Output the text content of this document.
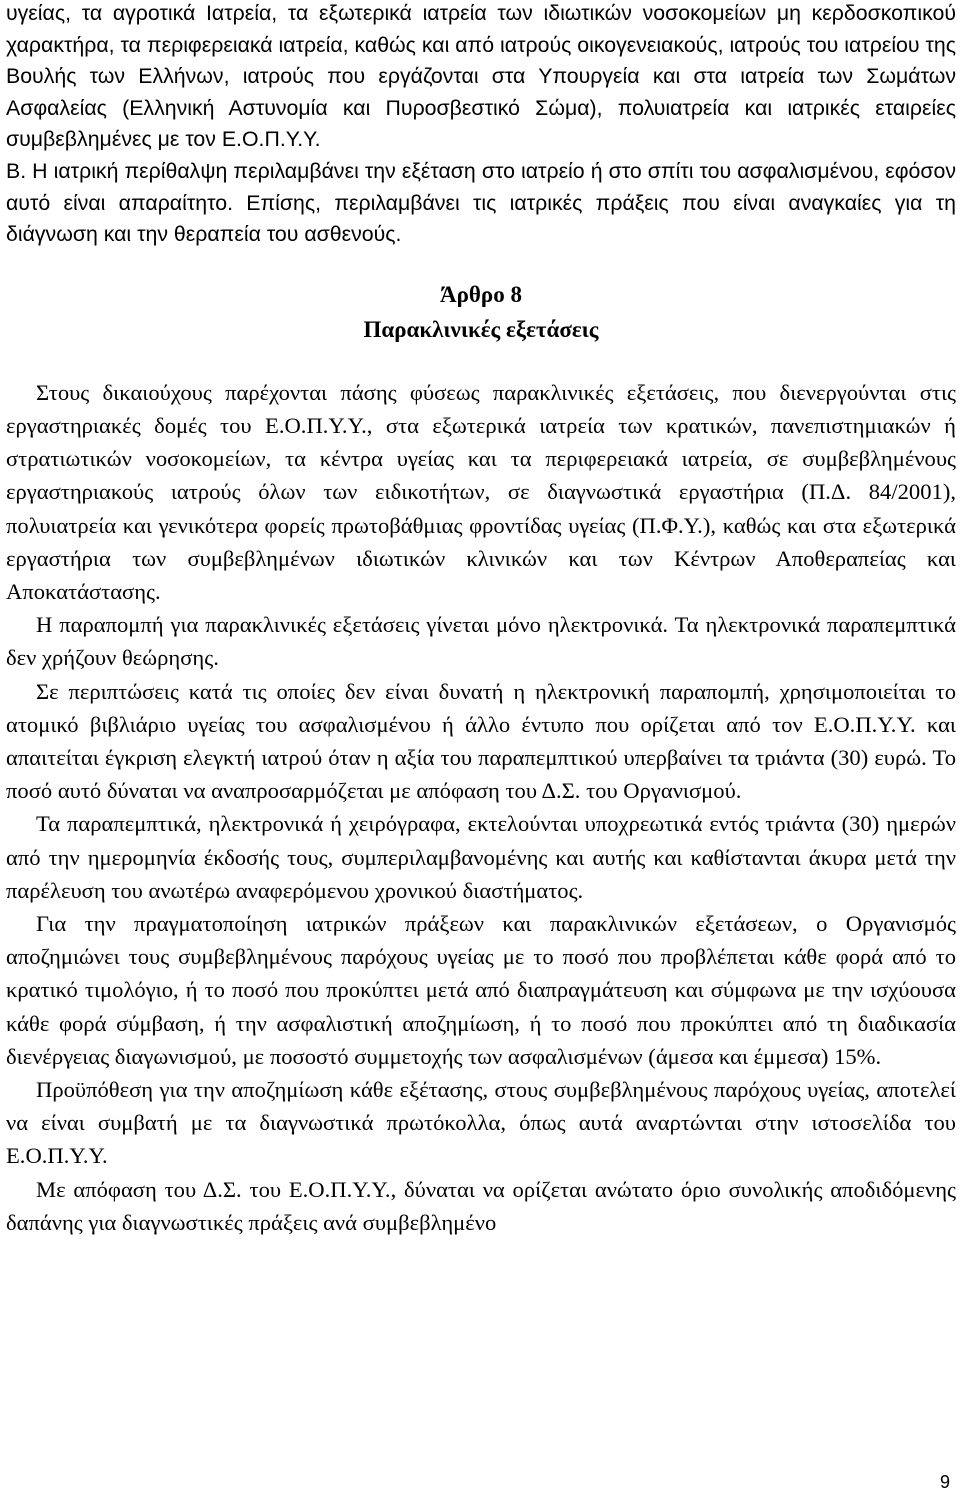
υγείας, τα αγροτικά Ιατρεία, τα εξωτερικά ιατρεία των ιδιωτικών νοσοκομείων μη κερδοσκοπικού χαρακτήρα, τα περιφερειακά ιατρεία, καθώς και από ιατρούς οικογενειακούς, ιατρούς του ιατρείου της Βουλής των Ελλήνων, ιατρούς που εργάζονται στα Υπουργεία και στα ιατρεία των Σωμάτων Ασφαλείας (Ελληνική Αστυνομία και Πυροσβεστικό Σώμα), πολυιατρεία και ιατρικές εταιρείες συμβεβλημένες με τον Ε.Ο.Π.Υ.Υ.

Β. Η ιατρική περίθαλψη περιλαμβάνει την εξέταση στο ιατρείο ή στο σπίτι του ασφαλισμένου, εφόσον αυτό είναι απαραίτητο. Επίσης, περιλαμβάνει τις ιατρικές πράξεις που είναι αναγκαίες για τη διάγνωση και την θεραπεία του ασθενούς.

Άρθρο 8
Παρακλινικές εξετάσεις

Στους δικαιούχους παρέχονται πάσης φύσεως παρακλινικές εξετάσεις, που διενεργούνται στις εργαστηριακές δομές του Ε.Ο.Π.Υ.Υ., στα εξωτερικά ιατρεία των κρατικών, πανεπιστημιακών ή στρατιωτικών νοσοκομείων, τα κέντρα υγείας και τα περιφερειακά ιατρεία, σε συμβεβλημένους εργαστηριακούς ιατρούς όλων των ειδικοτήτων, σε διαγνωστικά εργαστήρια (Π.Δ. 84/2001), πολυιατρεία και γενικότερα φορείς πρωτοβάθμιας φροντίδας υγείας (Π.Φ.Υ.), καθώς και στα εξωτερικά εργαστήρια των συμβεβλημένων ιδιωτικών κλινικών και των Κέντρων Αποθεραπείας και Αποκατάστασης.

Η παραπομπή για παρακλινικές εξετάσεις γίνεται μόνο ηλεκτρονικά. Τα ηλεκτρονικά παραπεμπτικά δεν χρήζουν θεώρησης.

Σε περιπτώσεις κατά τις οποίες δεν είναι δυνατή η ηλεκτρονική παραπομπή, χρησιμοποιείται το ατομικό βιβλιάριο υγείας του ασφαλισμένου ή άλλο έντυπο που ορίζεται από τον Ε.Ο.Π.Υ.Υ. και απαιτείται έγκριση ελεγκτή ιατρού όταν η αξία του παραπεμπτικού υπερβαίνει τα τριάντα (30) ευρώ. Το ποσό αυτό δύναται να αναπροσαρμόζεται με απόφαση του Δ.Σ. του Οργανισμού.

Τα παραπεμπτικά, ηλεκτρονικά ή χειρόγραφα, εκτελούνται υποχρεωτικά εντός τριάντα (30) ημερών από την ημερομηνία έκδοσής τους, συμπεριλαμβανομένης και αυτής και καθίστανται άκυρα μετά την παρέλευση του ανωτέρω αναφερόμενου χρονικού διαστήματος.

Για την πραγματοποίηση ιατρικών πράξεων και παρακλινικών εξετάσεων, ο Οργανισμός αποζημιώνει τους συμβεβλημένους παρόχους υγείας με το ποσό που προβλέπεται κάθε φορά από το κρατικό τιμολόγιο, ή το ποσό που προκύπτει μετά από διαπραγμάτευση και σύμφωνα με την ισχύουσα κάθε φορά σύμβαση, ή την ασφαλιστική αποζημίωση, ή το ποσό που προκύπτει από τη διαδικασία διενέργειας διαγωνισμού, με ποσοστό συμμετοχής των ασφαλισμένων (άμεσα και έμμεσα) 15%.

Προϋπόθεση για την αποζημίωση κάθε εξέτασης, στους συμβεβλημένους παρόχους υγείας, αποτελεί να είναι συμβατή με τα διαγνωστικά πρωτόκολλα, όπως αυτά αναρτώνται στην ιστοσελίδα του Ε.Ο.Π.Υ.Υ.

Με απόφαση του Δ.Σ. του Ε.Ο.Π.Υ.Υ., δύναται να ορίζεται ανώτατο όριο συνολικής αποδιδόμενης δαπάνης για διαγνωστικές πράξεις ανά συμβεβλημένο

9
